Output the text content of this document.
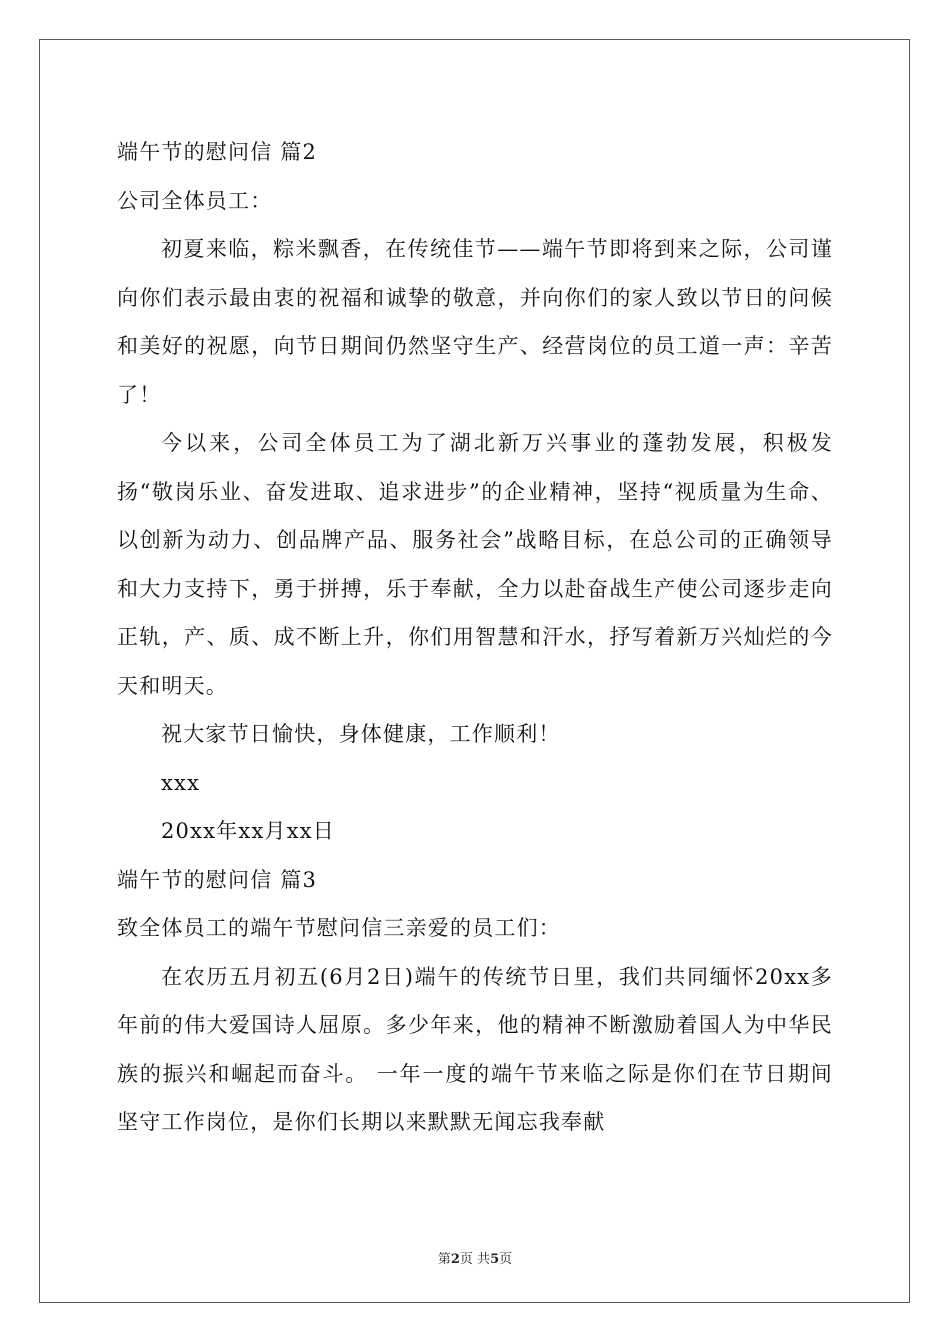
端午节的慰问信 篇2

公司全体员工：

初夏来临，粽米飘香，在传统佳节——端午节即将到来之际，公司谨向你们表示最由衷的祝福和诚挚的敬意，并向你们的家人致以节日的问候和美好的祝愿，向节日期间仍然坚守生产、经营岗位的员工道一声：辛苦了！

今以来，公司全体员工为了湖北新万兴事业的蓬勃发展，积极发扬“敬岗乐业、奋发进取、追求进步”的企业精神，坚持“视质量为生命、以创新为动力、创品牌产品、服务社会”战略目标，在总公司的正确领导和大力支持下，勇于拼搏，乐于奉献，全力以赴奋战生产使公司逐步走向正轨，产、质、成不断上升，你们用智慧和汗水，抒写着新万兴灿烂的今天和明天。

祝大家节日愉快，身体健康，工作顺利！

xxx

20xx年xx月xx日

端午节的慰问信 篇3

致全体员工的端午节慰问信三亲爱的员工们：

在农历五月初五(6月2日)端午的传统节日里，我们共同缅怀20xx多年前的伟大爱国诗人屈原。多少年来，他的精神不断激励着国人为中华民族的振兴和崛起而奋斗。 一年一度的端午节来临之际是你们在节日期间坚守工作岗位，是你们长期以来默默无闻忘我奉献

第2页 共5页
